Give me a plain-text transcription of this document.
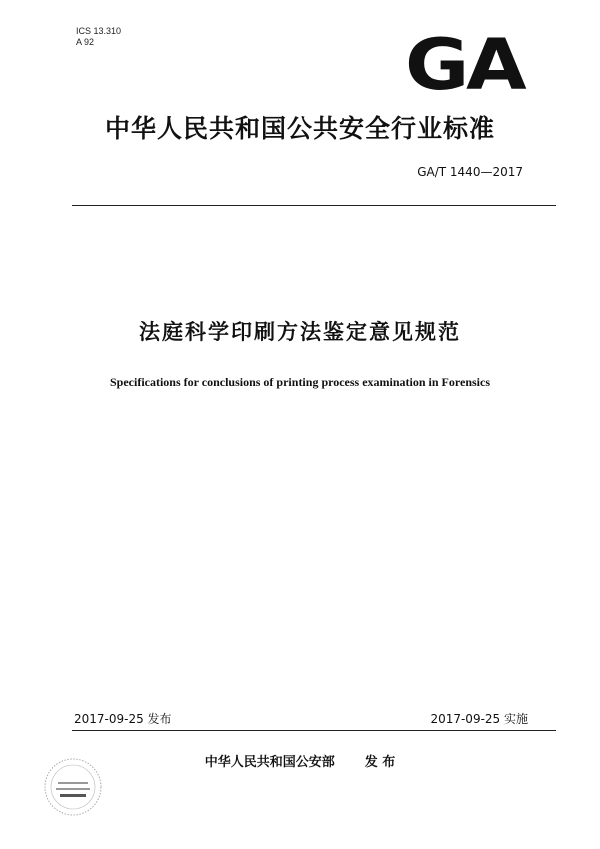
ICS 13.310
A 92	GA
中华人民共和国公共安全行业标准
GA/T 1440—2017
法庭科学印刷方法鉴定意见规范
Specifications for conclusions of printing process examination in Forensics
2017-09-25 发布	2017-09-25 实施
中华人民共和国公安部 发 布
